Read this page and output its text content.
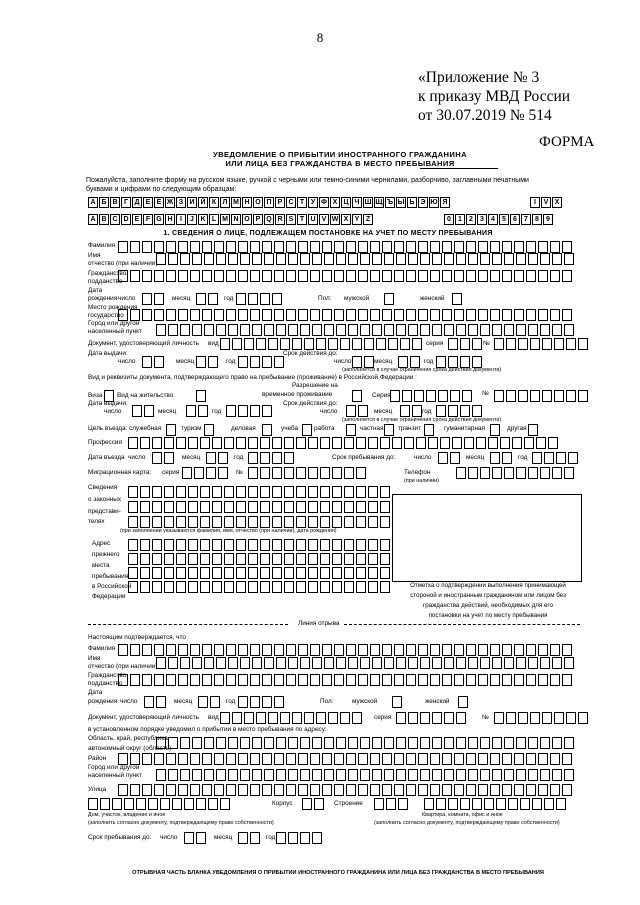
8
«Приложение № 3
к приказу МВД России
от 30.07.2019 № 514
ФОРМА
УВЕДОМЛЕНИЕ О ПРИБЫТИИ ИНОСТРАННОГО ГРАЖДАНИНА
ИЛИ ЛИЦА БЕЗ ГРАЖДАНСТВА В МЕСТО ПРЕБЫВАНИЯ
Пожалуйста, заполните форму на русском языке, ручкой с черными или темно-синими чернилами, разборчиво, заглавными печатными буквами и цифрами по следующим образцам:
А Б В Г Д Е Ё Ж З И Й К Л М Н О П Р С Т У Ф Х Ц Ч Ш Щ Ъ Ы Ь Э Ю Я	I	V X
A B C D E F G H	I	J K L M N O P Q R S T U V W X Y Z	0	1	2	3	4	5	6	7	8	9
1. СВЕДЕНИЯ О ЛИЦЕ, ПОДЛЕЖАЩЕМ ПОСТАНОВКЕ НА УЧЕТ ПО МЕСТУ ПРЕБЫВАНИЯ
Фамилия
Имя
отчество (при наличии)
Гражданство,
подданство
Дата
рождения число	месяц	год	Пол: мужской	женский
Место рождения
государство
Город или другой
населенный пункт
Документ, удостоверяющий личность вид	серия	№
Дата выдачи:
число	месяц	год
Срок действия до:
число	месяц	год
(заполняется в случае ограничения срока действия документа)
Вид и реквизиты документа, подтверждающего право на пребывание (проживание) в Российской Федерации :
Разрешение на
Виза Вид на жительство	временное проживание	Серия	№
Дата выдачи:
число	месяц	год
Срок действия до:
число	месяц	год
(заполняется в случае ограничения срока действия документа)
Цель въезда: служебная	туризм	деловая	учеба работа	частная транзит	гуманитарная	другая
Профессия
Дата въезда число	месяц	год	Срок пребывания до:	число	месяц	год
Миграционная карта: серия	№	Телефон
(при наличии)
Сведения
о законных
представи-
телях
(при заполнении указываются фамилия, имя, отчество (при наличии), дата рождения)
Адрес
прежнего
места
пребывания
в Российской
Федерации
Отметка о подтверждении выполнения принимающей
стороной и иностранным гражданином или лицом без
гражданства действий, необходимых для его
постановки на учет по месту пребывания
Линия отрыва
Настоящим подтверждается, что
Фамилия
Имя
отчество (при наличии)
Гражданство,
подданство
Дата
рождения число	месяц	год	Пол:	мужской	женский
Документ, удостоверяющий личность вид	серия	№
в установленном порядке уведомил о прибытии в место пребывания по адресу:
Область, край, республика,
автономный округ (область)
Район
Город или другой
населенный пункт
Улица
Корпус	Строение
Дом, участок, владение и иное
(заполнить согласно документу, подтверждающему право собственности)
Квартира, комната, офис и иное
(заполнить согласно документу, подтверждающему право собственности)
Срок пребывания до: число	месяц	год
ОТРЫВНАЯ ЧАСТЬ БЛАНКА УВЕДОМЛЕНИЯ О ПРИБЫТИИ ИНОСТРАННОГО ГРАЖДАНИНА ИЛИ ЛИЦА БЕЗ ГРАЖДАНСТВА В МЕСТО ПРЕБЫВАНИЯ
